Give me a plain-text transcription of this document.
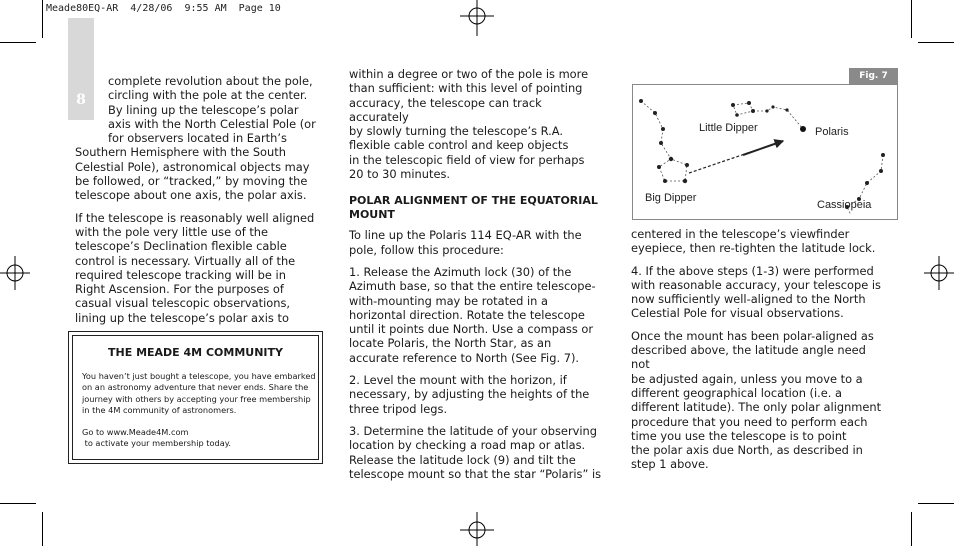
Meade80EQ-AR  4/28/06  9:55 AM  Page 10
8

complete revolution about the pole,

circling with the pole at the center.

By lining up the telescope’s polar

axis with the North Celestial Pole (or

for observers located in Earth’s

Southern Hemisphere with the South

Celestial Pole), astronomical objects may

be followed, or “tracked,” by moving the

telescope about one axis, the polar axis.

If the telescope is reasonably well aligned

with the pole very little use of the

telescope’s Declination flexible cable

control is necessary. Virtually all of the

required telescope tracking will be in

Right Ascension. For the purposes of

casual visual telescopic observations,

lining up the telescope’s polar axis to

THE MEADE 4M COMMUNITY
You haven’t just bought a telescope, you have embarked
on an astronomy adventure that never ends. Share the
journey with others by accepting your free membership
in the 4M community of astronomers.
Go to www.Meade4M.com
to activate your membership today.

within a degree or two of the pole is more

than sufficient: with this level of pointing

accuracy, the telescope can track accurately

by slowly turning the telescope’s R.A.

flexible cable control and keep objects

in the telescopic field of view for perhaps

20 to 30 minutes.

POLAR ALIGNMENT OF THE EQUATORIAL

MOUNT

To line up the Polaris 114 EQ-AR with the

pole, follow this procedure:

1. Release the Azimuth lock (30) of the

Azimuth base, so that the entire telescope-

with-mounting may be rotated in a

horizontal direction. Rotate the telescope

until it points due North. Use a compass or

locate Polaris, the North Star, as an

accurate reference to North (See Fig. 7).

2. Level the mount with the horizon, if

necessary, by adjusting the heights of the

three tripod legs.

3. Determine the latitude of your observing

location by checking a road map or atlas.

Release the latitude lock (9) and tilt the

telescope mount so that the star “Polaris” is

Fig. 7
Little Dipper	Polaris
Big Dipper
Cassiopeia

centered in the telescope’s viewfinder

eyepiece, then re-tighten the latitude lock.

4. If the above steps (1-3) were performed

with reasonable accuracy, your telescope is

now sufficiently well-aligned to the North

Celestial Pole for visual observations.

Once the mount has been polar-aligned as

described above, the latitude angle need not

be adjusted again, unless you move to a

different geographical location (i.e. a

different latitude). The only polar alignment

procedure that you need to perform each

time you use the telescope is to point

the polar axis due North, as described in

step 1 above.
